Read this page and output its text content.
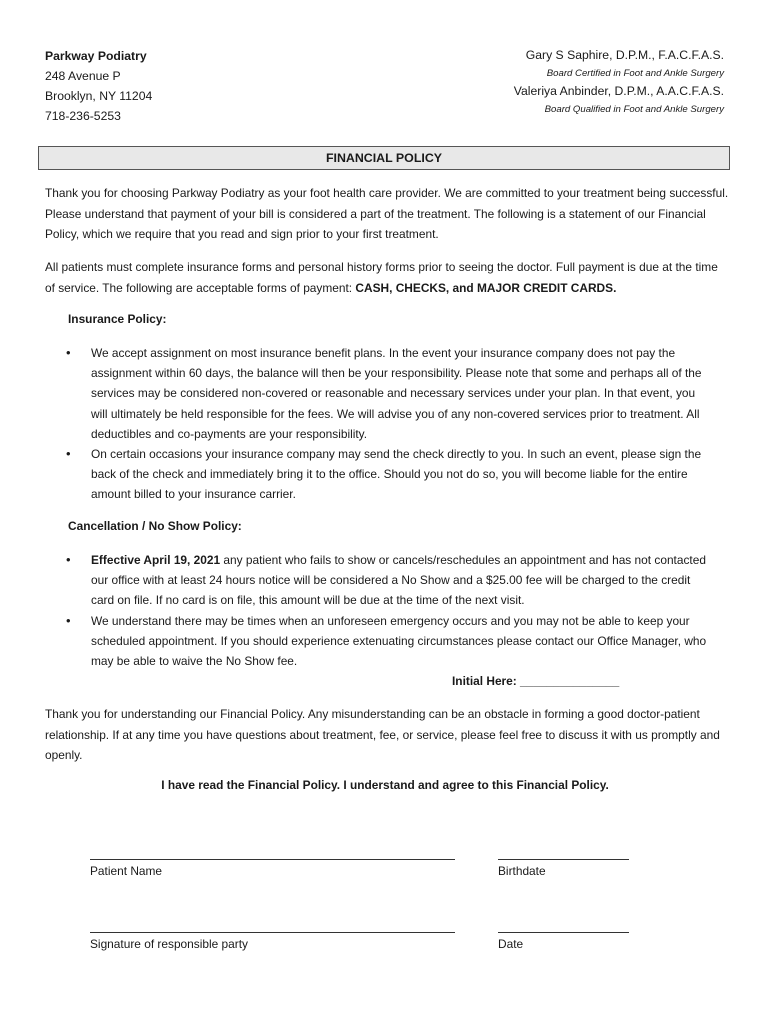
Parkway Podiatry
248 Avenue P
Brooklyn, NY 11204
718-236-5253
Gary S Saphire, D.P.M., F.A.C.F.A.S.
Board Certified in Foot and Ankle Surgery
Valeriya Anbinder, D.P.M., A.A.C.F.A.S.
Board Qualified in Foot and Ankle Surgery
FINANCIAL POLICY
Thank you for choosing Parkway Podiatry as your foot health care provider. We are committed to your treatment being successful. Please understand that payment of your bill is considered a part of the treatment. The following is a statement of our Financial Policy, which we require that you read and sign prior to your first treatment.
All patients must complete insurance forms and personal history forms prior to seeing the doctor. Full payment is due at the time of service. The following are acceptable forms of payment: CASH, CHECKS, and MAJOR CREDIT CARDS.
Insurance Policy:
• We accept assignment on most insurance benefit plans. In the event your insurance company does not pay the assignment within 60 days, the balance will then be your responsibility. Please note that some and perhaps all of the services may be considered non-covered or reasonable and necessary services under your plan. In that event, you will ultimately be held responsible for the fees. We will advise you of any non-covered services prior to treatment. All deductibles and co-payments are your responsibility.
• On certain occasions your insurance company may send the check directly to you. In such an event, please sign the back of the check and immediately bring it to the office. Should you not do so, you will become liable for the entire amount billed to your insurance carrier.
Cancellation / No Show Policy:
• Effective April 19, 2021 any patient who fails to show or cancels/reschedules an appointment and has not contacted our office with at least 24 hours notice will be considered a No Show and a $25.00 fee will be charged to the credit card on file. If no card is on file, this amount will be due at the time of the next visit.
• We understand there may be times when an unforeseen emergency occurs and you may not be able to keep your scheduled appointment. If you should experience extenuating circumstances please contact our Office Manager, who may be able to waive the No Show fee.
Initial Here: _______________
Thank you for understanding our Financial Policy. Any misunderstanding can be an obstacle in forming a good doctor-patient relationship. If at any time you have questions about treatment, fee, or service, please feel free to discuss it with us promptly and openly.
I have read the Financial Policy. I understand and agree to this Financial Policy.
Patient Name	Birthdate
Signature of responsible party	Date
